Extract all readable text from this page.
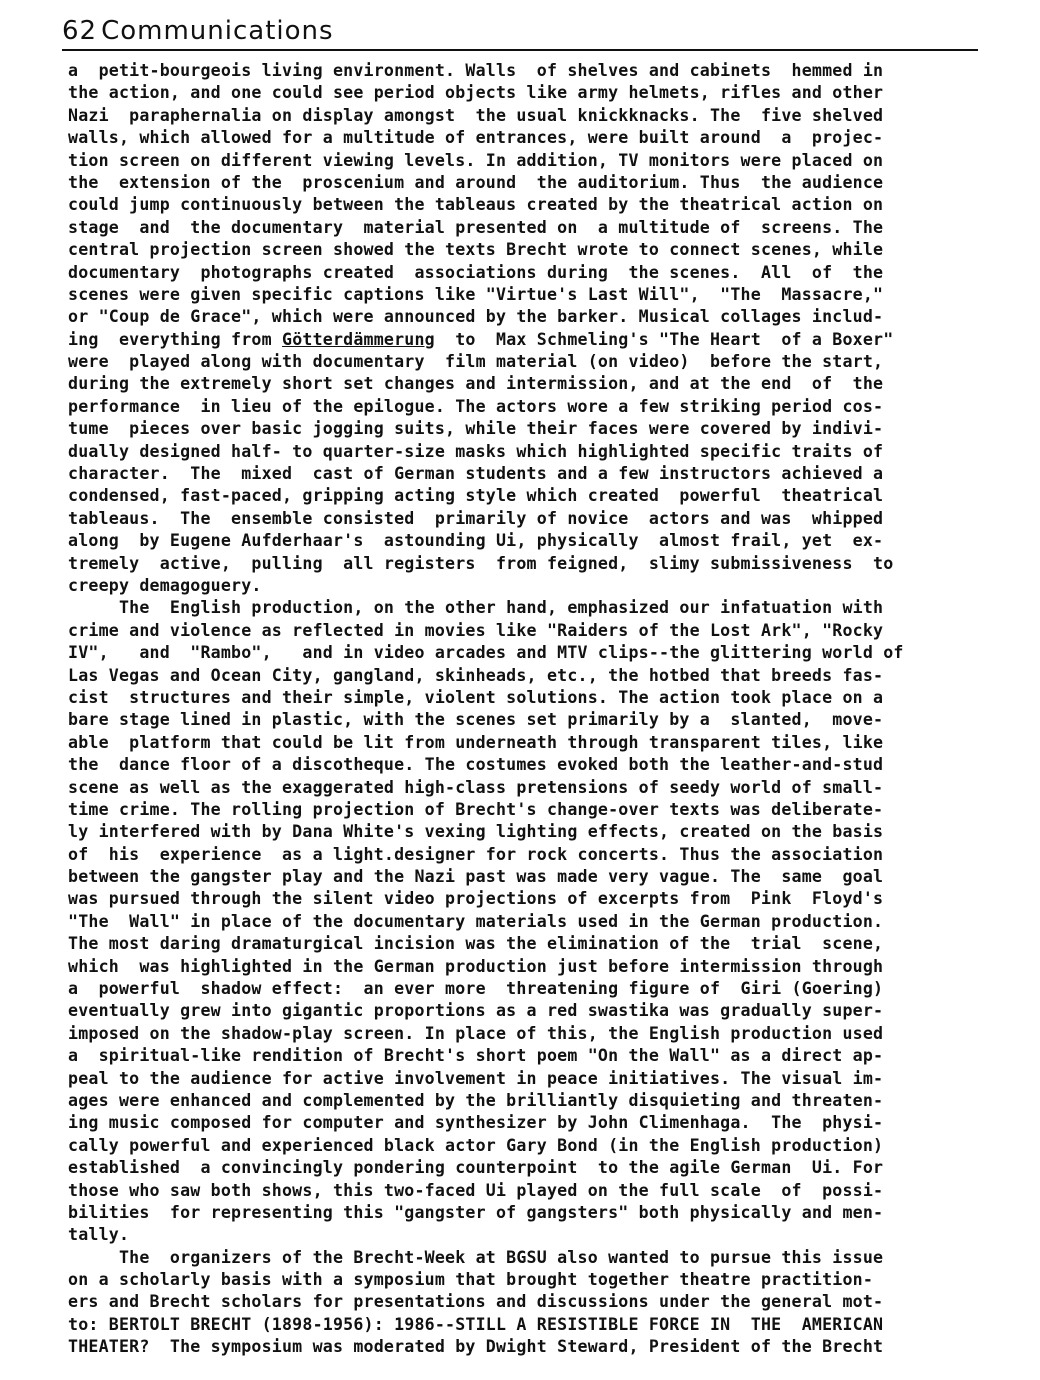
62 Communications
a  petit-bourgeois living environment. Walls  of shelves and cabinets  hemmed in
the action, and one could see period objects like army helmets, rifles and other
Nazi  paraphernalia on display amongst  the usual knickknacks. The  five shelved
walls, which allowed for a multitude of entrances, were built around  a  projec-
tion screen on different viewing levels. In addition, TV monitors were placed on
the  extension of the  proscenium and around  the auditorium. Thus  the audience
could jump continuously between the tableaus created by the theatrical action on
stage  and  the documentary  material presented on  a multitude of  screens. The
central projection screen showed the texts Brecht wrote to connect scenes, while
documentary  photographs created  associations during  the scenes.  All  of  the
scenes were given specific captions like "Virtue's Last Will",  "The  Massacre,"
or "Coup de Grace", which were announced by the barker. Musical collages includ-
ing  everything from Götterdämmerung  to  Max Schmeling's "The Heart  of a Boxer"
were  played along with documentary  film material (on video)  before the start,
during the extremely short set changes and intermission, and at the end  of  the
performance  in lieu of the epilogue. The actors wore a few striking period cos-
tume  pieces over basic jogging suits, while their faces were covered by indivi-
dually designed half- to quarter-size masks which highlighted specific traits of
character.  The  mixed  cast of German students and a few instructors achieved a
condensed, fast-paced, gripping acting style which created  powerful  theatrical
tableaus.  The  ensemble consisted  primarily of novice  actors and was  whipped
along  by Eugene Aufderhaar's  astounding Ui, physically  almost frail, yet  ex-
tremely  active,  pulling  all registers  from feigned,  slimy submissiveness  to
creepy demagoguery.
The  English production, on the other hand, emphasized our infatuation with
crime and violence as reflected in movies like "Raiders of the Lost Ark", "Rocky
IV",   and  "Rambo",   and in video arcades and MTV clips--the glittering world of
Las Vegas and Ocean City, gangland, skinheads, etc., the hotbed that breeds fas-
cist  structures and their simple, violent solutions. The action took place on a
bare stage lined in plastic, with the scenes set primarily by a  slanted,  move-
able  platform that could be lit from underneath through transparent tiles, like
the  dance floor of a discotheque. The costumes evoked both the leather-and-stud
scene as well as the exaggerated high-class pretensions of seedy world of small-
time crime. The rolling projection of Brecht's change-over texts was deliberate-
ly interfered with by Dana White's vexing lighting effects, created on the basis
of  his  experience  as a light.designer for rock concerts. Thus the association
between the gangster play and the Nazi past was made very vague. The  same  goal
was pursued through the silent video projections of excerpts from  Pink  Floyd's
"The  Wall" in place of the documentary materials used in the German production.
The most daring dramaturgical incision was the elimination of the  trial  scene,
which  was highlighted in the German production just before intermission through
a  powerful  shadow effect:  an ever more  threatening figure of  Giri (Goering)
eventually grew into gigantic proportions as a red swastika was gradually super-
imposed on the shadow-play screen. In place of this, the English production used
a  spiritual-like rendition of Brecht's short poem "On the Wall" as a direct ap-
peal to the audience for active involvement in peace initiatives. The visual im-
ages were enhanced and complemented by the brilliantly disquieting and threaten-
ing music composed for computer and synthesizer by John Climenhaga.  The  physi-
cally powerful and experienced black actor Gary Bond (in the English production)
established  a convincingly pondering counterpoint  to the agile German  Ui. For
those who saw both shows, this two-faced Ui played on the full scale  of  possi-
bilities  for representing this "gangster of gangsters" both physically and men-
tally.
The  organizers of the Brecht-Week at BGSU also wanted to pursue this issue
on a scholarly basis with a symposium that brought together theatre practition-
ers and Brecht scholars for presentations and discussions under the general mot-
to: BERTOLT BRECHT (1898-1956): 1986--STILL A RESISTIBLE FORCE IN  THE  AMERICAN
THEATER?  The symposium was moderated by Dwight Steward, President of the Brecht
